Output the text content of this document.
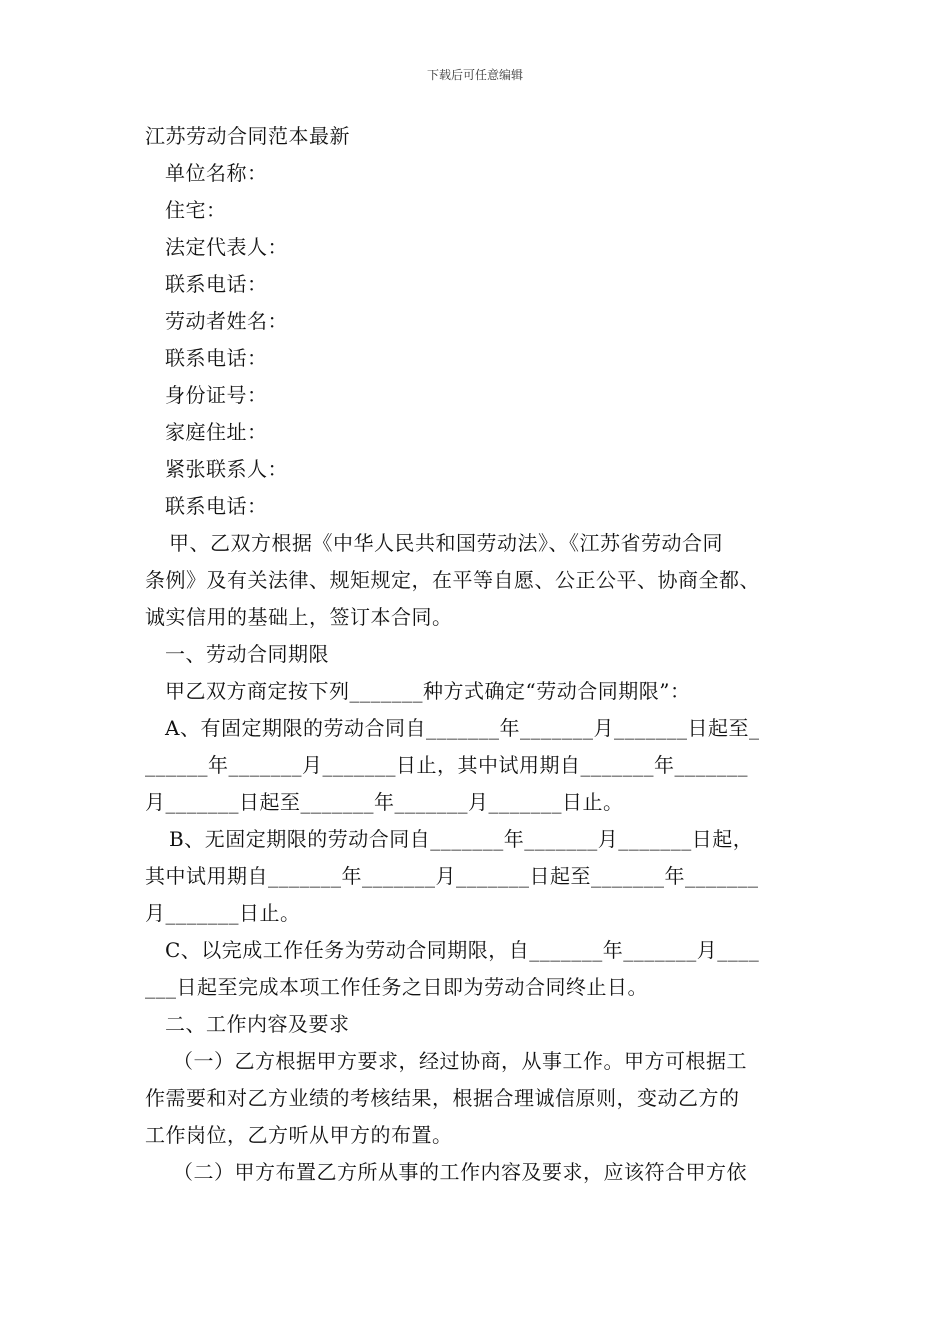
下载后可任意编辑
江苏劳动合同范本最新
单位名称：
住宅：
法定代表人：
联系电话：
劳动者姓名：
联系电话：
身份证号：
家庭住址：
紧张联系人：
联系电话：
甲、乙双方根据《中华人民共和国劳动法》、《江苏省劳动合同
条例》及有关法律、规矩规定，在平等自愿、公正公平、协商全都、
诚实信用的基础上，签订本合同。
一、劳动合同期限
甲乙双方商定按下列_______种方式确定“劳动合同期限”：
A、有固定期限的劳动合同自_______年_______月_______日起至_
______年_______月_______日止，其中试用期自_______年_______
月_______日起至_______年_______月_______日止。
B、无固定期限的劳动合同自_______年_______月_______日起，
其中试用期自_______年_______月_______日起至_______年_______
月_______日止。
C、以完成工作任务为劳动合同期限，自_______年_______月____
___日起至完成本项工作任务之日即为劳动合同终止日。
二、工作内容及要求
（一）乙方根据甲方要求，经过协商，从事工作。甲方可根据工
作需要和对乙方业绩的考核结果，根据合理诚信原则，变动乙方的
工作岗位，乙方听从甲方的布置。
（二）甲方布置乙方所从事的工作内容及要求，应该符合甲方依
